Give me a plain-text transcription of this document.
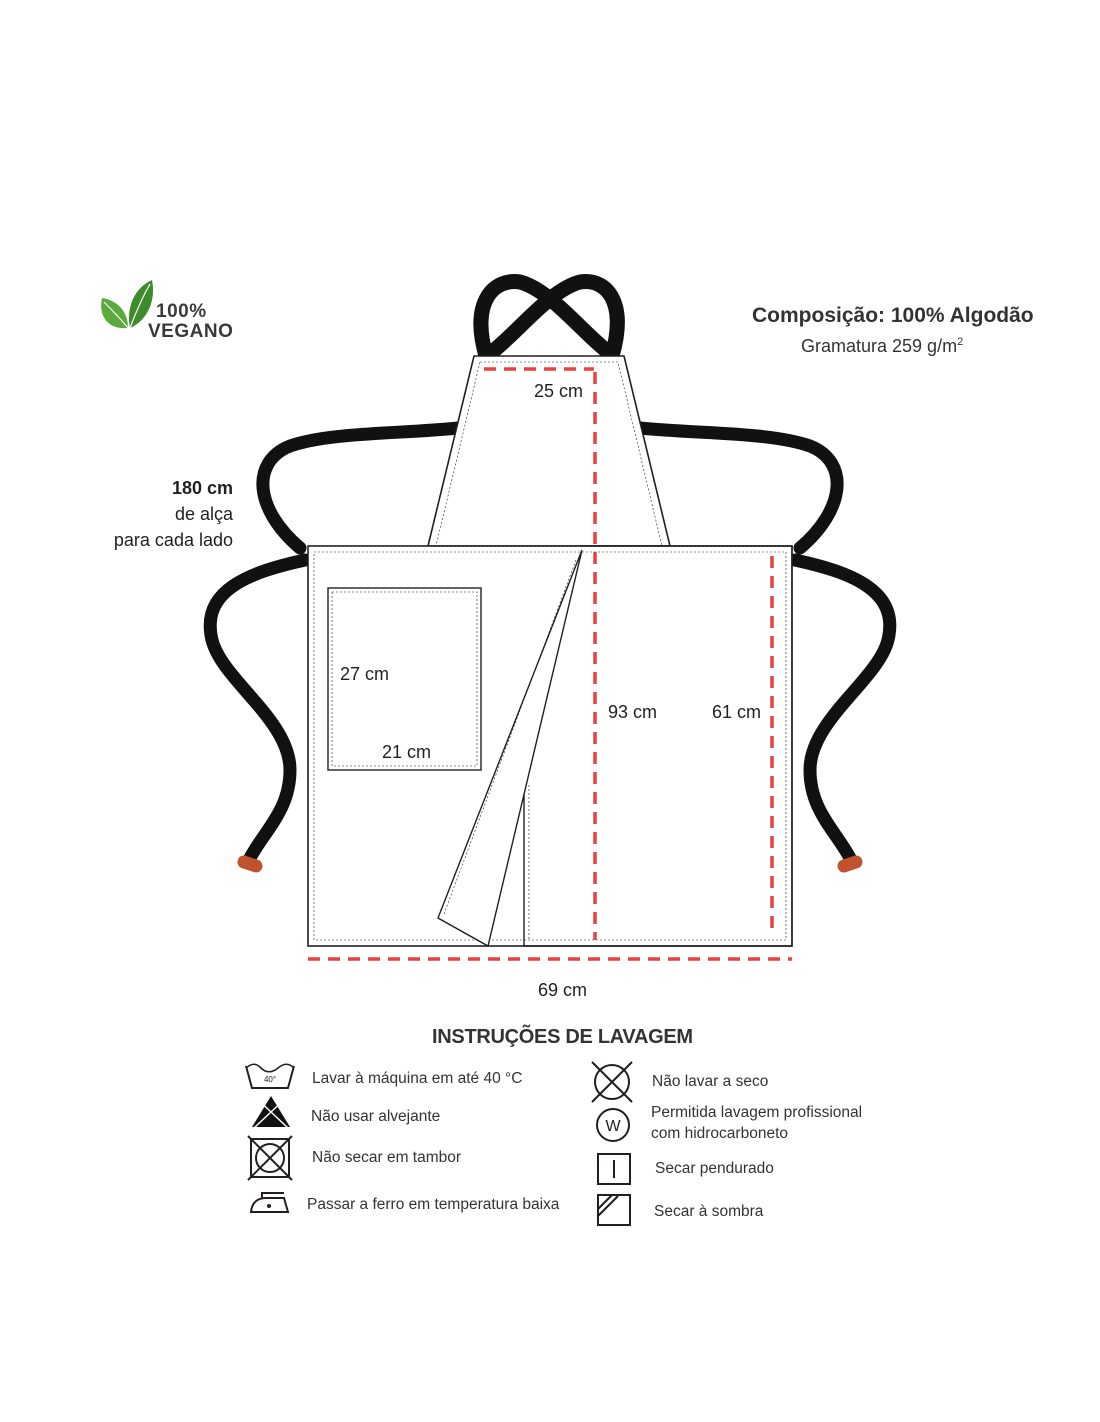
100%
VEGANO
Composição: 100% Algodão
Gramatura 259 $g/m^2$
180 cm
de alça
para cada lado
25 cm
27 cm
21 cm
93 cm	61 cm
69 cm
INSTRUÇÕES DE LAVAGEM
40° Lavar à máquina em até 40 °C
Não usar alvejante
Não secar em tambor
Passar a ferro em temperatura baixa
Não lavar a seco
W
Permitida lavagem profissional
com hidrocarboneto
Secar pendurado
Secar à sombra
